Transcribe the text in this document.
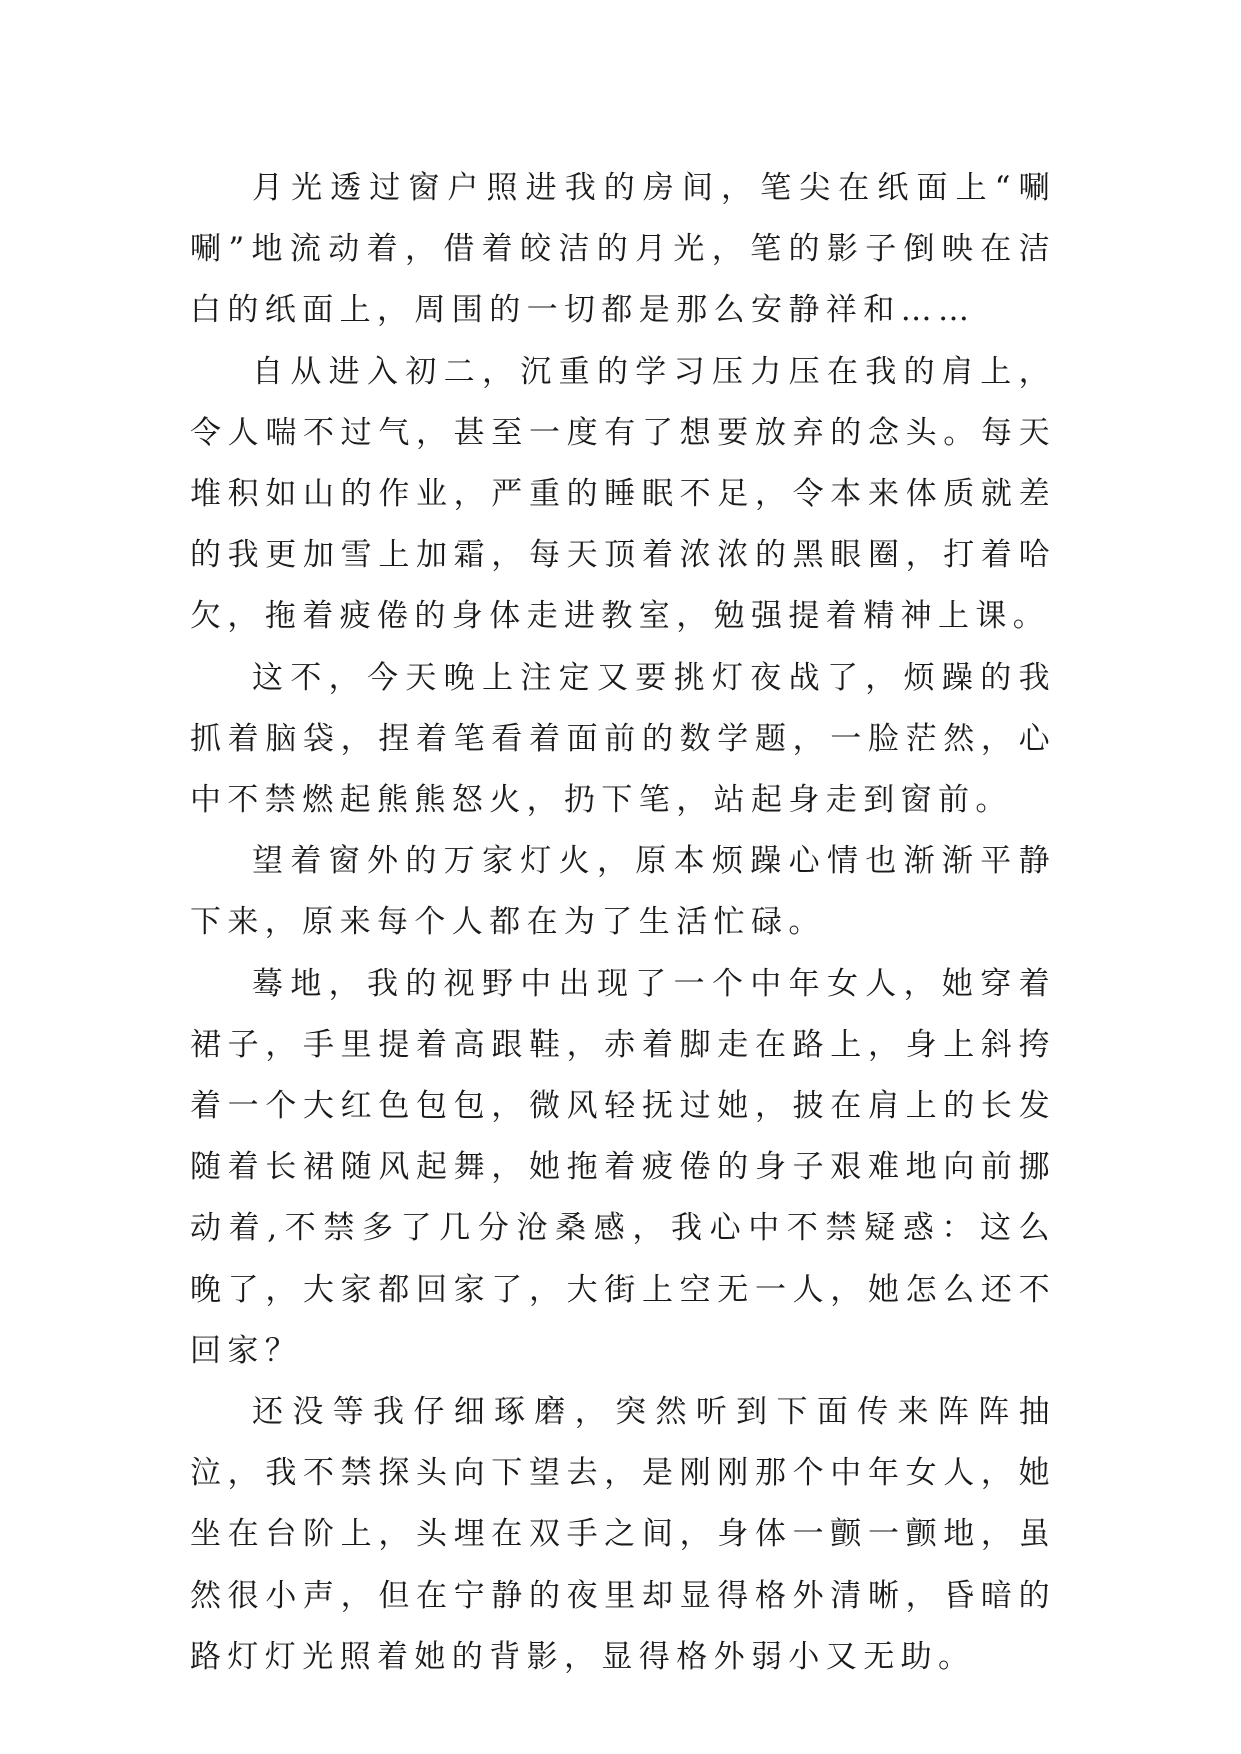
月光透过窗户照进我的房间，笔尖在纸面上“唰唰”地流动着，借着皎洁的月光，笔的影子倒映在洁白的纸面上，周围的一切都是那么安静祥和……

自从进入初二，沉重的学习压力压在我的肩上，令人喘不过气，甚至一度有了想要放弃的念头。每天堆积如山的作业，严重的睡眠不足，令本来体质就差的我更加雪上加霜，每天顶着浓浓的黑眼圈，打着哈欠，拖着疲倦的身体走进教室，勉强提着精神上课。

这不，今天晚上注定又要挑灯夜战了，烦躁的我抓着脑袋，捏着笔看着面前的数学题，一脸茫然，心中不禁燃起熊熊怒火，扔下笔，站起身走到窗前。

望着窗外的万家灯火，原本烦躁心情也渐渐平静下来，原来每个人都在为了生活忙碌。

蓦地，我的视野中出现了一个中年女人，她穿着裙子，手里提着高跟鞋，赤着脚走在路上，身上斜挎着一个大红色包包，微风轻抚过她，披在肩上的长发随着长裙随风起舞，她拖着疲倦的身子艰难地向前挪动着,不禁多了几分沧桑感，我心中不禁疑惑：这么晚了，大家都回家了，大街上空无一人，她怎么还不回家？

还没等我仔细琢磨，突然听到下面传来阵阵抽泣，我不禁探头向下望去，是刚刚那个中年女人，她坐在台阶上，头埋在双手之间，身体一颤一颤地，虽然很小声，但在宁静的夜里却显得格外清晰，昏暗的路灯灯光照着她的背影，显得格外弱小又无助。
